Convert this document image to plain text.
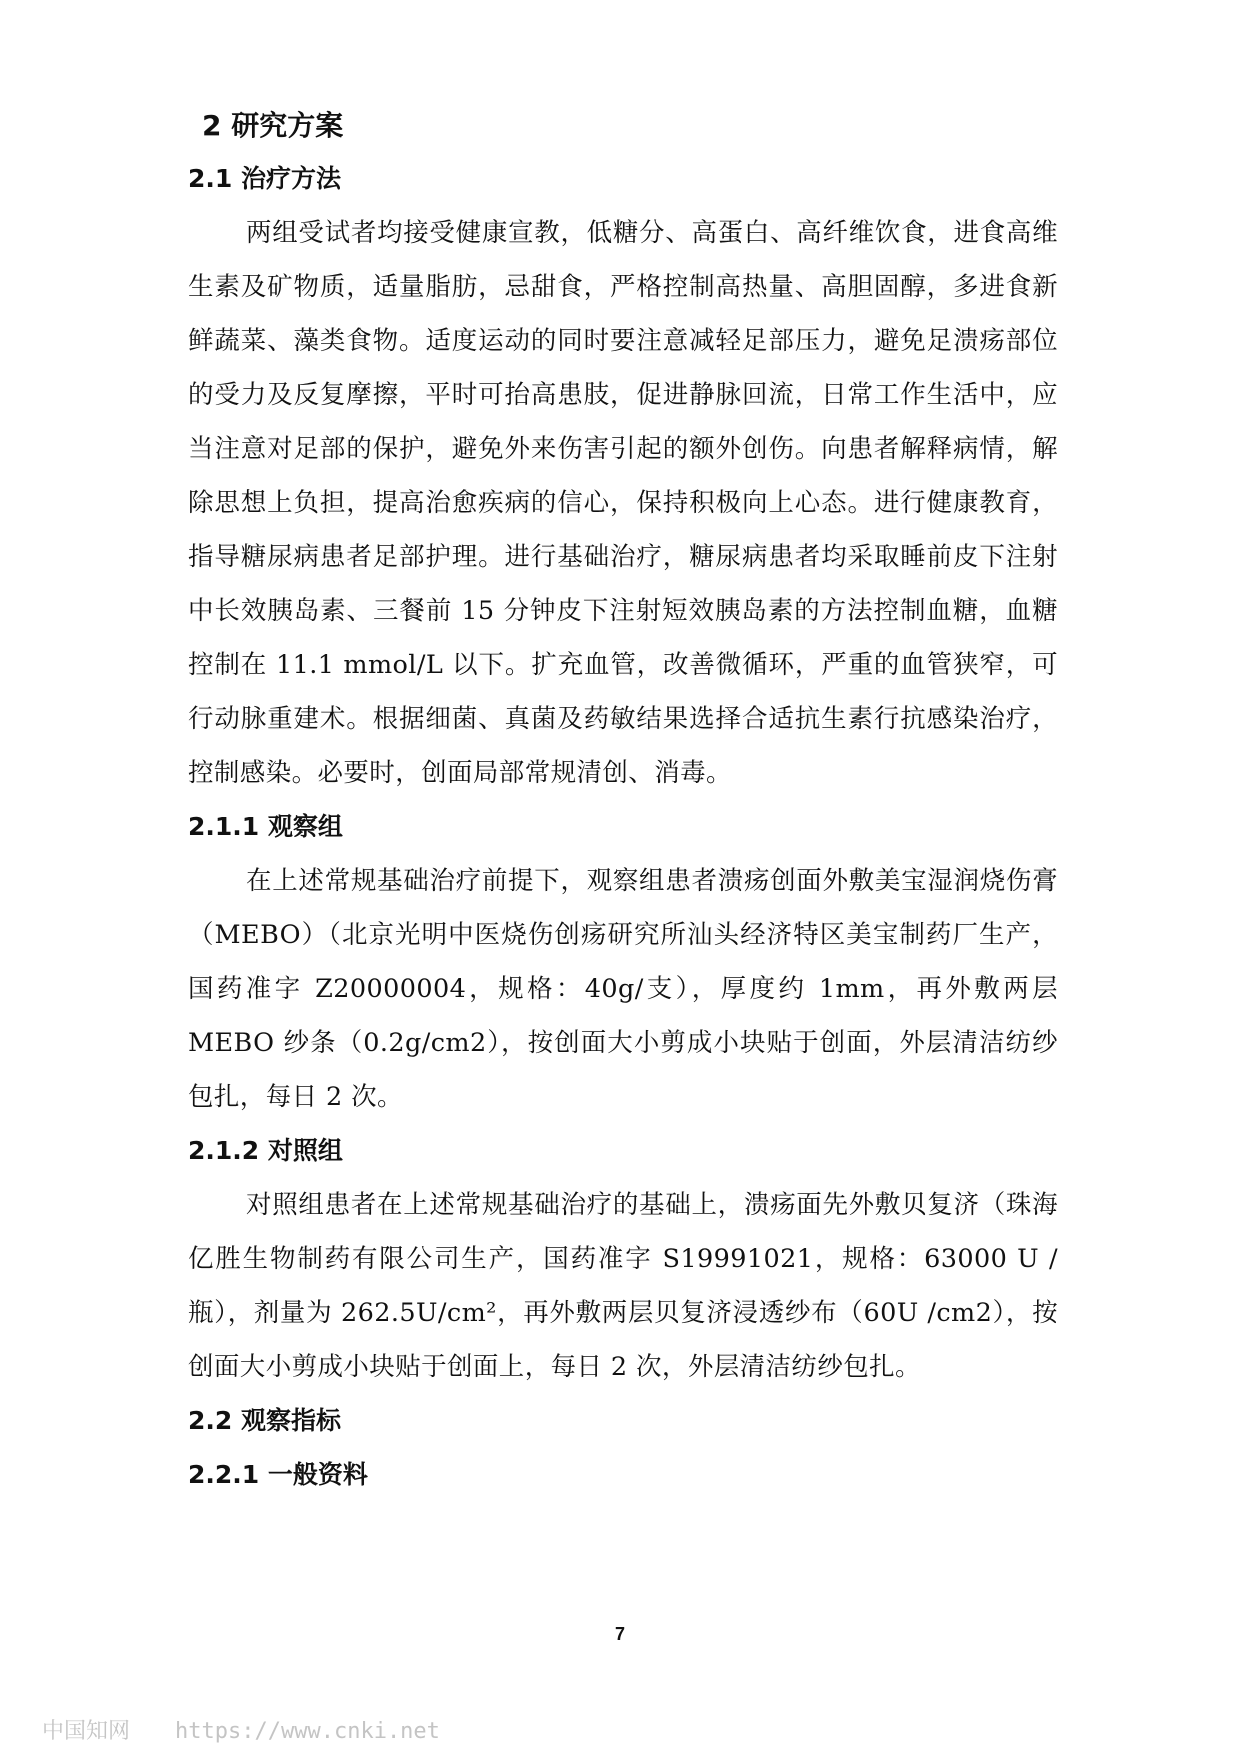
2 研究方案
2.1 治疗方法

两组受试者均接受健康宣教，低糖分、高蛋白、高纤维饮食，进食高维生素及矿物质，适量脂肪，忌甜食，严格控制高热量、高胆固醇，多进食新鲜蔬菜、藻类食物。适度运动的同时要注意减轻足部压力，避免足溃疡部位的受力及反复摩擦，平时可抬高患肢，促进静脉回流，日常工作生活中，应当注意对足部的保护，避免外来伤害引起的额外创伤。向患者解释病情，解除思想上负担，提高治愈疾病的信心，保持积极向上心态。进行健康教育，指导糖尿病患者足部护理。进行基础治疗，糖尿病患者均采取睡前皮下注射中长效胰岛素、三餐前 15 分钟皮下注射短效胰岛素的方法控制血糖，血糖控制在 11.1 mmol/L 以下。扩充血管，改善微循环，严重的血管狭窄，可行动脉重建术。根据细菌、真菌及药敏结果选择合适抗生素行抗感染治疗，控制感染。必要时，创面局部常规清创、消毒。

2.1.1 观察组

在上述常规基础治疗前提下，观察组患者溃疡创面外敷美宝湿润烧伤膏（MEBO）（北京光明中医烧伤创疡研究所汕头经济特区美宝制药厂生产，国药准字 Z20000004，规格：40g/支），厚度约 1mm，再外敷两层 MEBO 纱条（0.2g/cm2），按创面大小剪成小块贴于创面，外层清洁纺纱包扎，每日 2 次。

2.1.2 对照组

对照组患者在上述常规基础治疗的基础上，溃疡面先外敷贝复济（珠海亿胜生物制药有限公司生产，国药准字 S19991021，规格：63000 U /瓶），剂量为 262.5U/cm²，再外敷两层贝复济浸透纱布（60U /cm2），按创面大小剪成小块贴于创面上，每日 2 次，外层清洁纺纱包扎。

2.2 观察指标
2.2.1 一般资料
7
中国知网 https://www.cnki.net
